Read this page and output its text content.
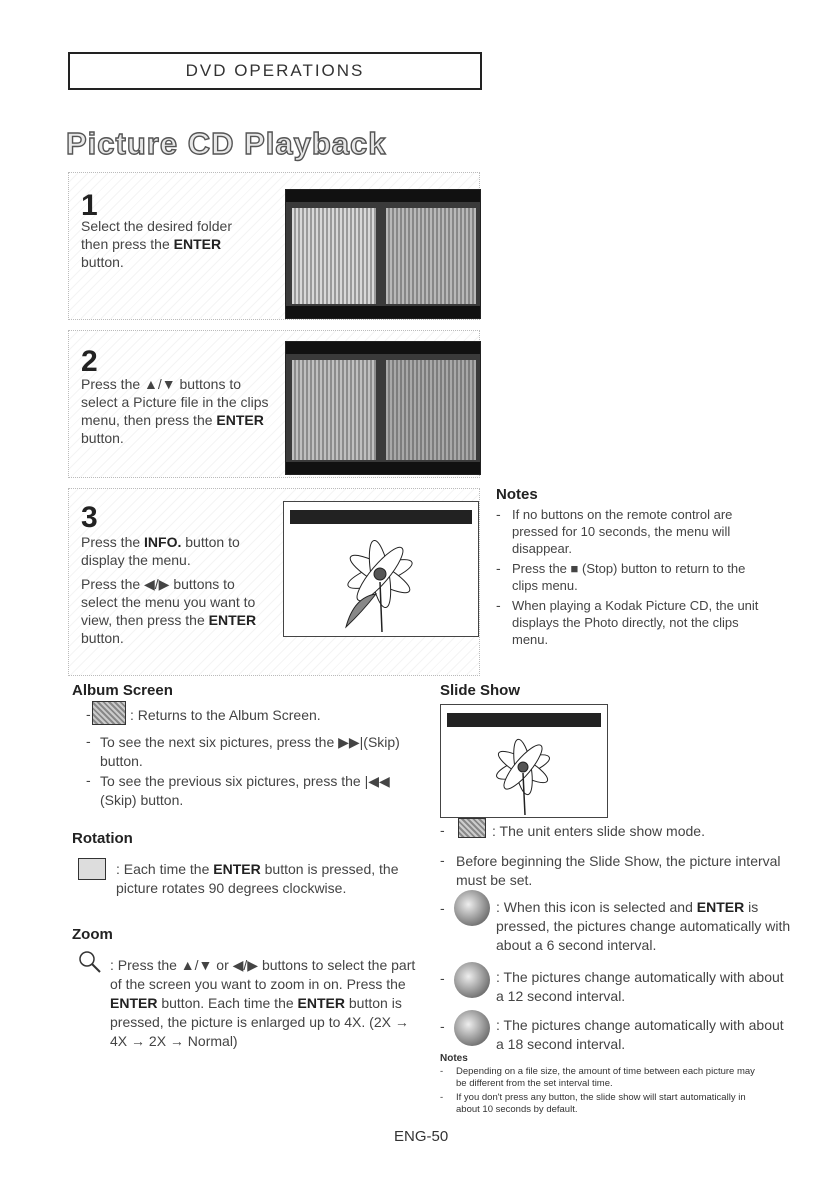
DVD OPERATIONS
Picture CD Playback
1
Select the desired folder then press the ENTER button.
2
Press the ▲/▼ buttons to select a Picture file in the clips menu, then press the ENTER button.
3
Press the INFO. button to display the menu.
Press the ◀/▶ buttons to select the menu you want to view, then press the ENTER button.
Notes
- If no buttons on the remote control are pressed for 10 seconds, the menu will disappear.
- Press the ■ (Stop) button to return to the clips menu.
- When playing a Kodak Picture CD, the unit displays the Photo directly, not the clips menu.
Album Screen
-	: Returns to the Album Screen.
- To see the next six pictures, press the ▶▶|(Skip) button.
- To see the previous six pictures, press the |◀◀ (Skip) button.
Rotation
: Each time the ENTER button is pressed, the picture rotates 90 degrees clockwise.
Zoom
: Press the ▲/▼ or ◀/▶ buttons to select the part of the screen you want to zoom in on. Press the ENTER button. Each time the ENTER button is pressed, the picture is enlarged up to 4X. (2X → 4X → 2X → Normal)
Slide Show
-	: The unit enters slide show mode.
- Before beginning the Slide Show, the picture interval must be set.
-	: When this icon is selected and ENTER is pressed, the pictures change automatically with about a 6 second interval.
-	: The pictures change automatically with about a 12 second interval.
-	: The pictures change automatically with about a 18 second interval.
Notes
- Depending on a file size, the amount of time between each picture may be different from the set interval time.
- If you don't press any button, the slide show will start automatically in about 10 seconds by default.
ENG-50
